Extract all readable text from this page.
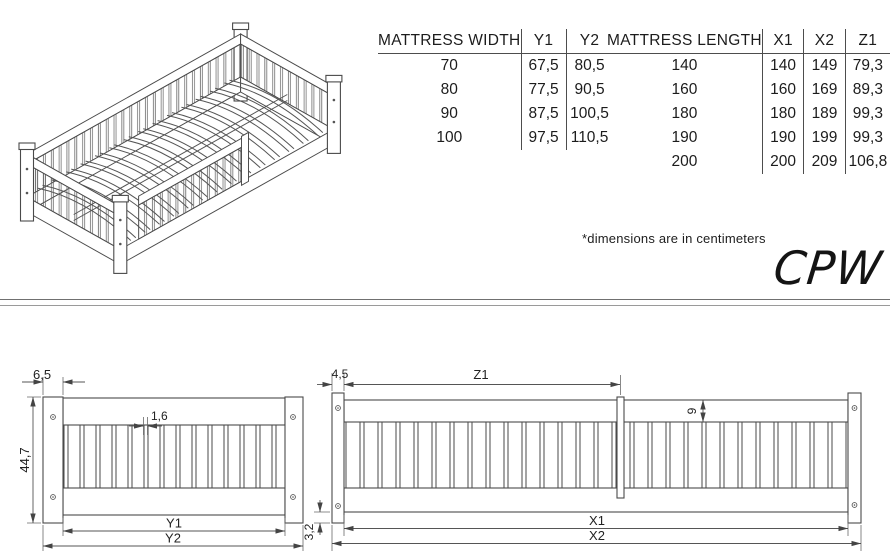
MATTRESS WIDTH	Y1	Y2
70	67,5	80,5
80	77,5	90,5
90	87,5	100,5
100	97,5	110,5
MATTRESS LENGTH	X1	X2	Z1
140	140	149	79,3
160	160	169	89,3
180	180	189	99,3
190	190	199	99,3
200	200	209	106,8
*dimensions are in centimeters
CPW
6,5
44,7
1,6
Y1
Y2
4,5	Z1
9
X1
X2
3,2
